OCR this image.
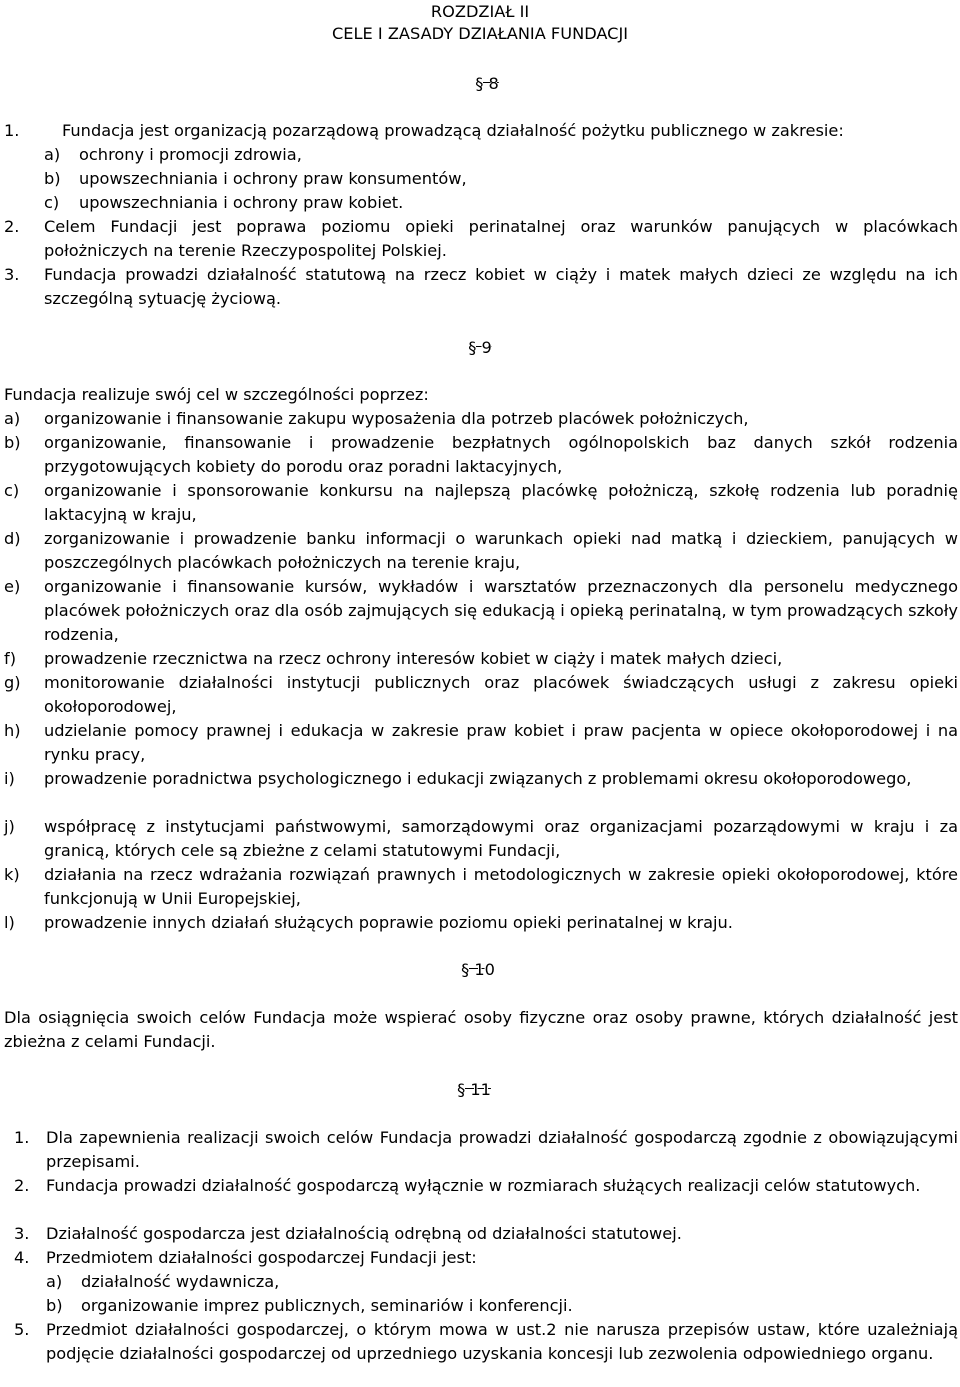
ROZDZIAŁ II
CELE I ZASADY DZIAŁANIA FUNDACJI
§ 8
1.	Fundacja jest organizacją pozarządową prowadzącą działalność pożytku publicznego w zakresie:
a) ochrony i promocji zdrowia,
b) upowszechniania i ochrony praw konsumentów,
c) upowszechniania i ochrony praw kobiet.
2. Celem Fundacji jest poprawa poziomu opieki perinatalnej oraz warunków panujących w placówkach położniczych na terenie Rzeczypospolitej Polskiej.
3. Fundacja prowadzi działalność statutową na rzecz kobiet w ciąży i matek małych dzieci ze względu na ich szczególną sytuację życiową.
§ 9
Fundacja realizuje swój cel w szczególności poprzez:
a) organizowanie i finansowanie zakupu wyposażenia dla potrzeb placówek położniczych,
b) organizowanie, finansowanie i prowadzenie bezpłatnych ogólnopolskich baz danych szkół rodzenia przygotowujących kobiety do porodu oraz poradni laktacyjnych,
c) organizowanie i sponsorowanie konkursu na najlepszą placówkę położniczą, szkołę rodzenia lub poradnię laktacyjną w kraju,
d) zorganizowanie i prowadzenie banku informacji o warunkach opieki nad matką i dzieckiem, panujących w poszczególnych placówkach położniczych na terenie kraju,
e) organizowanie i finansowanie kursów, wykładów i warsztatów przeznaczonych dla personelu medycznego placówek położniczych oraz dla osób zajmujących się edukacją i opieką perinatalną, w tym prowadzących szkoły rodzenia,
f) prowadzenie rzecznictwa na rzecz ochrony interesów kobiet w ciąży i matek małych dzieci,
g) monitorowanie działalności instytucji publicznych oraz placówek świadczących usługi z zakresu opieki okołoporodowej,
h) udzielanie pomocy prawnej i edukacja w zakresie praw kobiet i praw pacjenta w opiece okołoporodowej i na rynku pracy,
i) prowadzenie poradnictwa psychologicznego i edukacji związanych z problemami okresu okołoporodowego,
j) współpracę z instytucjami państwowymi, samorządowymi oraz organizacjami pozarządowymi w kraju i za granicą, których cele są zbieżne z celami statutowymi Fundacji,
k) działania na rzecz wdrażania rozwiązań prawnych i metodologicznych w zakresie opieki okołoporodowej, które funkcjonują w Unii Europejskiej,
l) prowadzenie innych działań służących poprawie poziomu opieki perinatalnej w kraju.
§ 10
Dla osiągnięcia swoich celów Fundacja może wspierać osoby fizyczne oraz osoby prawne, których działalność jest zbieżna z celami Fundacji.
§ 11
1. Dla zapewnienia realizacji swoich celów Fundacja prowadzi działalność gospodarczą zgodnie z obowiązującymi przepisami.
2. Fundacja prowadzi działalność gospodarczą wyłącznie w rozmiarach służących realizacji celów statutowych.
3. Działalność gospodarcza jest działalnością odrębną od działalności statutowej.
4. Przedmiotem działalności gospodarczej Fundacji jest:
a) działalność wydawnicza,
b) organizowanie imprez publicznych, seminariów i konferencji.
5. Przedmiot działalności gospodarczej, o którym mowa w ust.2 nie narusza przepisów ustaw, które uzależniają podjęcie działalności gospodarczej od uprzedniego uzyskania koncesji lub zezwolenia odpowiedniego organu.
